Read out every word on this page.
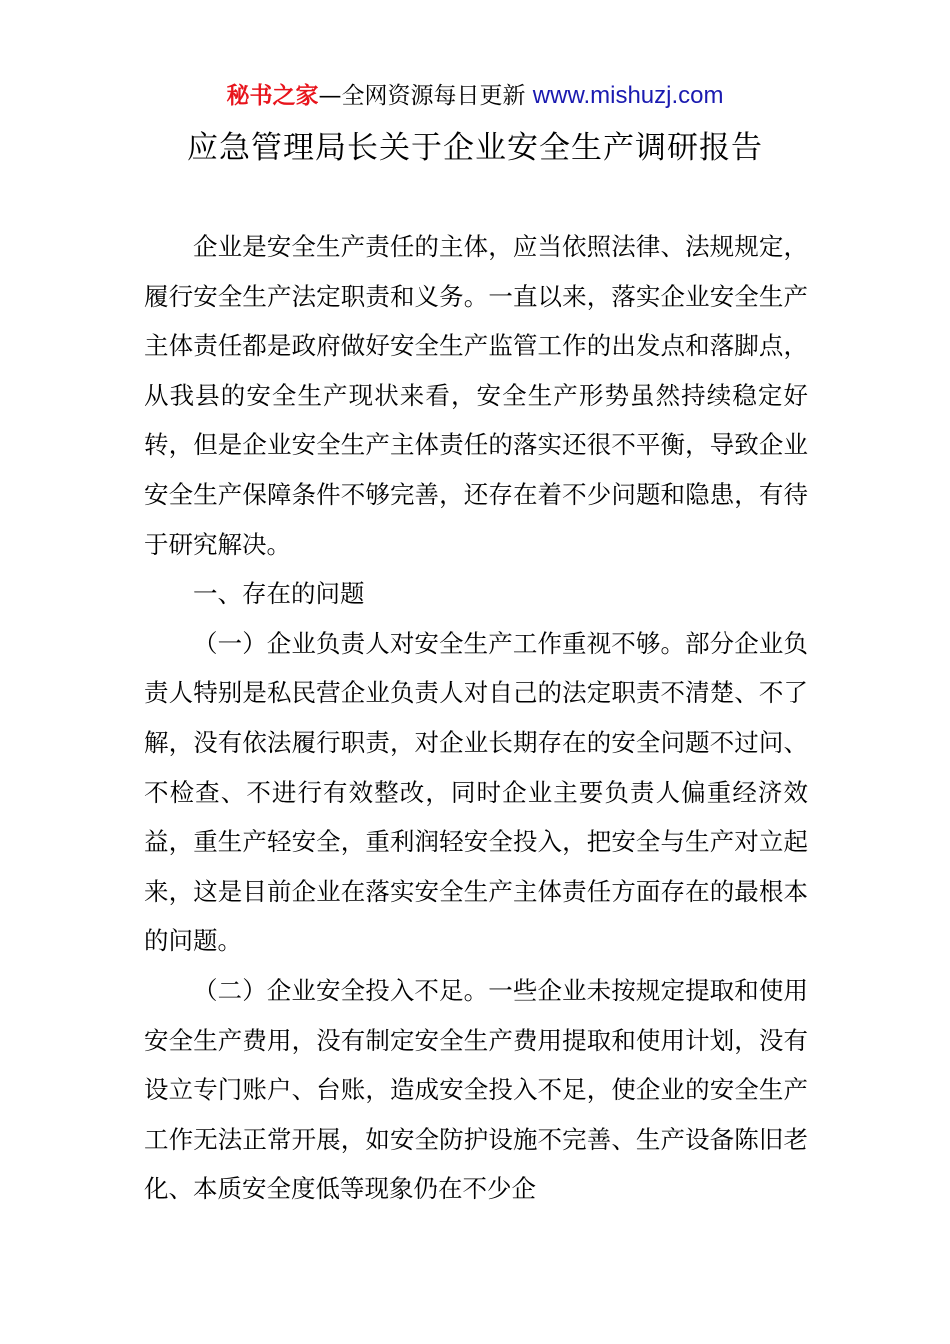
秘书之家—全网资源每日更新 www.mishuzj.com
应急管理局长关于企业安全生产调研报告

企业是安全生产责任的主体，应当依照法律、法规规定，履行安全生产法定职责和义务。一直以来，落实企业安全生产主体责任都是政府做好安全生产监管工作的出发点和落脚点，从我县的安全生产现状来看，安全生产形势虽然持续稳定好转，但是企业安全生产主体责任的落实还很不平衡，导致企业安全生产保障条件不够完善，还存在着不少问题和隐患，有待于研究解决。

一、存在的问题

（一）企业负责人对安全生产工作重视不够。部分企业负责人特别是私民营企业负责人对自己的法定职责不清楚、不了解，没有依法履行职责，对企业长期存在的安全问题不过问、不检查、不进行有效整改，同时企业主要负责人偏重经济效益，重生产轻安全，重利润轻安全投入，把安全与生产对立起来，这是目前企业在落实安全生产主体责任方面存在的最根本的问题。

（二）企业安全投入不足。一些企业未按规定提取和使用安全生产费用，没有制定安全生产费用提取和使用计划，没有设立专门账户、台账，造成安全投入不足，使企业的安全生产工作无法正常开展，如安全防护设施不完善、生产设备陈旧老化、本质安全度低等现象仍在不少企
